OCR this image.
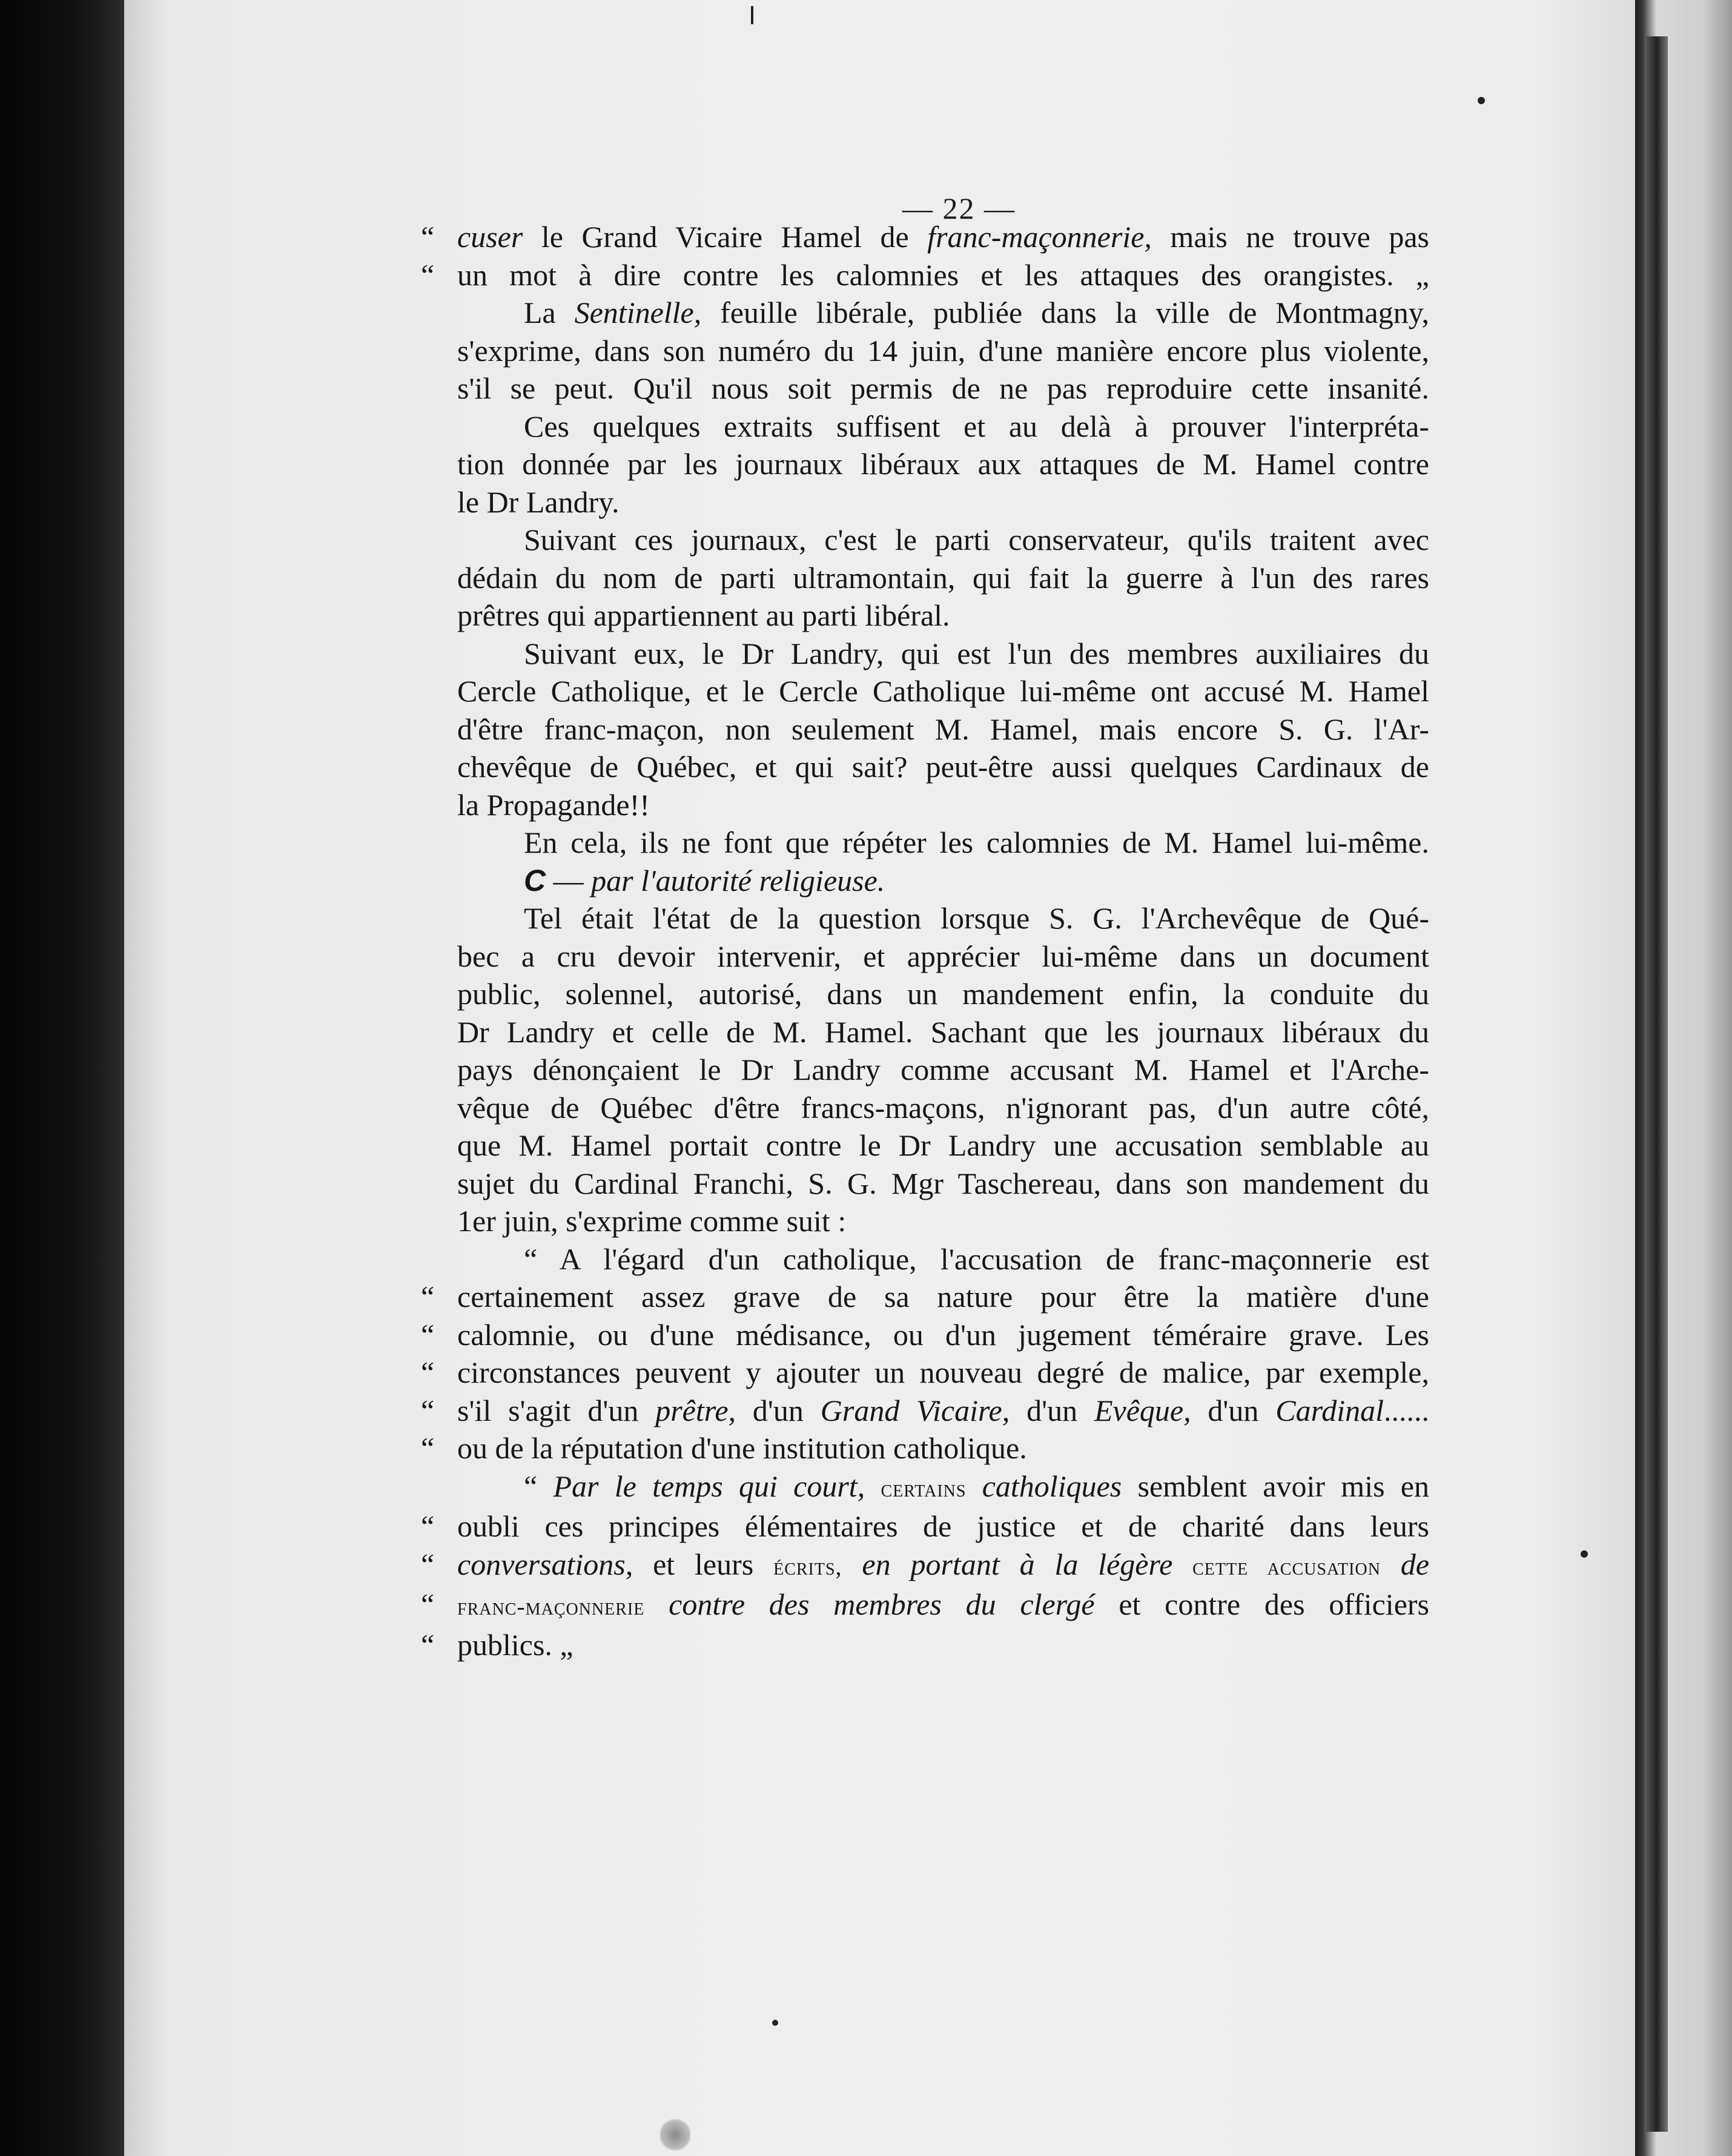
— 22 —

“ cuser le Grand Vicaire Hamel de franc-maçonnerie, mais ne trouve pas

“ un mot à dire contre les calomnies et les attaques des orangistes. „

La Sentinelle, feuille libérale, publiée dans la ville de Montmagny,

s'exprime, dans son numéro du 14 juin, d'une manière encore plus violente,

s'il se peut. Qu'il nous soit permis de ne pas reproduire cette insanité.

Ces quelques extraits suffisent et au delà à prouver l'interpréta-

tion donnée par les journaux libéraux aux attaques de M. Hamel contre

le Dr Landry.

Suivant ces journaux, c'est le parti conservateur, qu'ils traitent avec

dédain du nom de parti ultramontain, qui fait la guerre à l'un des rares

prêtres qui appartiennent au parti libéral.

Suivant eux, le Dr Landry, qui est l'un des membres auxiliaires du

Cercle Catholique, et le Cercle Catholique lui-même ont accusé M. Hamel

d'être franc-maçon, non seulement M. Hamel, mais encore S. G. l'Ar-

chevêque de Québec, et qui sait? peut-être aussi quelques Cardinaux de

la Propagande!!

En cela, ils ne font que répéter les calomnies de M. Hamel lui-même.

C — par l'autorité religieuse.

Tel était l'état de la question lorsque S. G. l'Archevêque de Qué-

bec a cru devoir intervenir, et apprécier lui-même dans un document

public, solennel, autorisé, dans un mandement enfin, la conduite du

Dr Landry et celle de M. Hamel. Sachant que les journaux libéraux du

pays dénonçaient le Dr Landry comme accusant M. Hamel et l'Arche-

vêque de Québec d'être francs-maçons, n'ignorant pas, d'un autre côté,

que M. Hamel portait contre le Dr Landry une accusation semblable au

sujet du Cardinal Franchi, S. G. Mgr Taschereau, dans son mandement du

1er juin, s'exprime comme suit :

“ A l'égard d'un catholique, l'accusation de franc-maçonnerie est

“ certainement assez grave de sa nature pour être la matière d'une

“ calomnie, ou d'une médisance, ou d'un jugement téméraire grave. Les

“ circonstances peuvent y ajouter un nouveau degré de malice, par exemple,

“ s'il s'agit d'un prêtre, d'un Grand Vicaire, d'un Evêque, d'un Cardinal......

“ ou de la réputation d'une institution catholique.

“ Par le temps qui court, certains catholiques semblent avoir mis en

“ oubli ces principes élémentaires de justice et de charité dans leurs

“ conversations, et leurs écrits, en portant à la légère cette accusation de

“ franc-maçonnerie contre des membres du clergé et contre des officiers

“ publics. „
